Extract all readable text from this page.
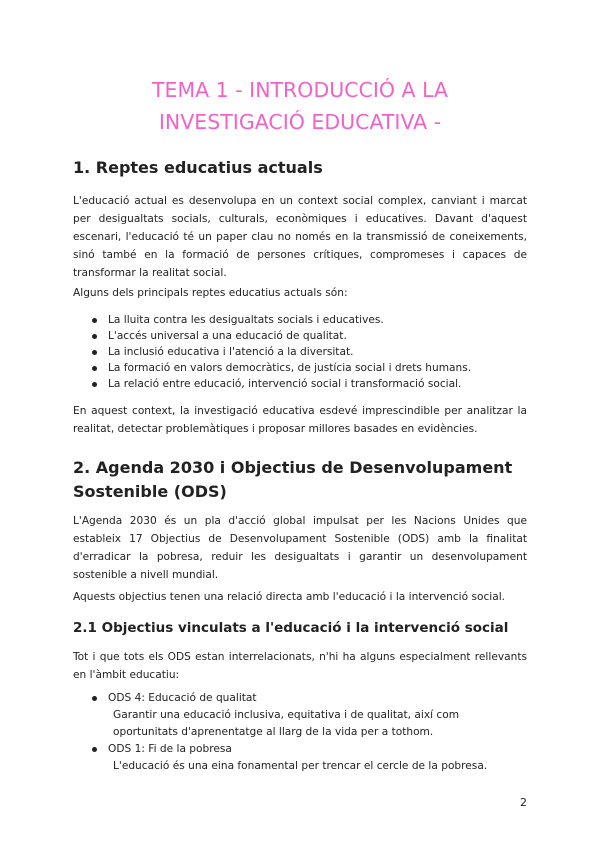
TEMA 1 - INTRODUCCIÓ A LA
INVESTIGACIÓ EDUCATIVA -
1. Reptes educatius actuals

L'educació actual es desenvolupa en un context social complex, canviant i marcat per desigualtats socials, culturals, econòmiques i educatives. Davant d'aquest escenari, l'educació té un paper clau no només en la transmissió de coneixements, sinó també en la formació de persones crítiques, compromeses i capaces de transformar la realitat social.

Alguns dels principals reptes educatius actuals són:

La lluita contra les desigualtats socials i educatives.
L'accés universal a una educació de qualitat.
La inclusió educativa i l'atenció a la diversitat.
La formació en valors democràtics, de justícia social i drets humans.
La relació entre educació, intervenció social i transformació social.

En aquest context, la investigació educativa esdevé imprescindible per analitzar la realitat, detectar problemàtiques i proposar millores basades en evidències.

2. Agenda 2030 i Objectius de Desenvolupament Sostenible (ODS)

L'Agenda 2030 és un pla d'acció global impulsat per les Nacions Unides que estableix 17 Objectius de Desenvolupament Sostenible (ODS) amb la finalitat d'erradicar la pobresa, reduir les desigualtats i garantir un desenvolupament sostenible a nivell mundial.

Aquests objectius tenen una relació directa amb l'educació i la intervenció social.

2.1 Objectius vinculats a l'educació i la intervenció social

Tot i que tots els ODS estan interrelacionats, n'hi ha alguns especialment rellevants en l'àmbit educatiu:

ODS 4: Educació de qualitat
Garantir una educació inclusiva, equitativa i de qualitat, així com oportunitats d'aprenentatge al llarg de la vida per a tothom.
ODS 1: Fi de la pobresa
L'educació és una eina fonamental per trencar el cercle de la pobresa.
2
